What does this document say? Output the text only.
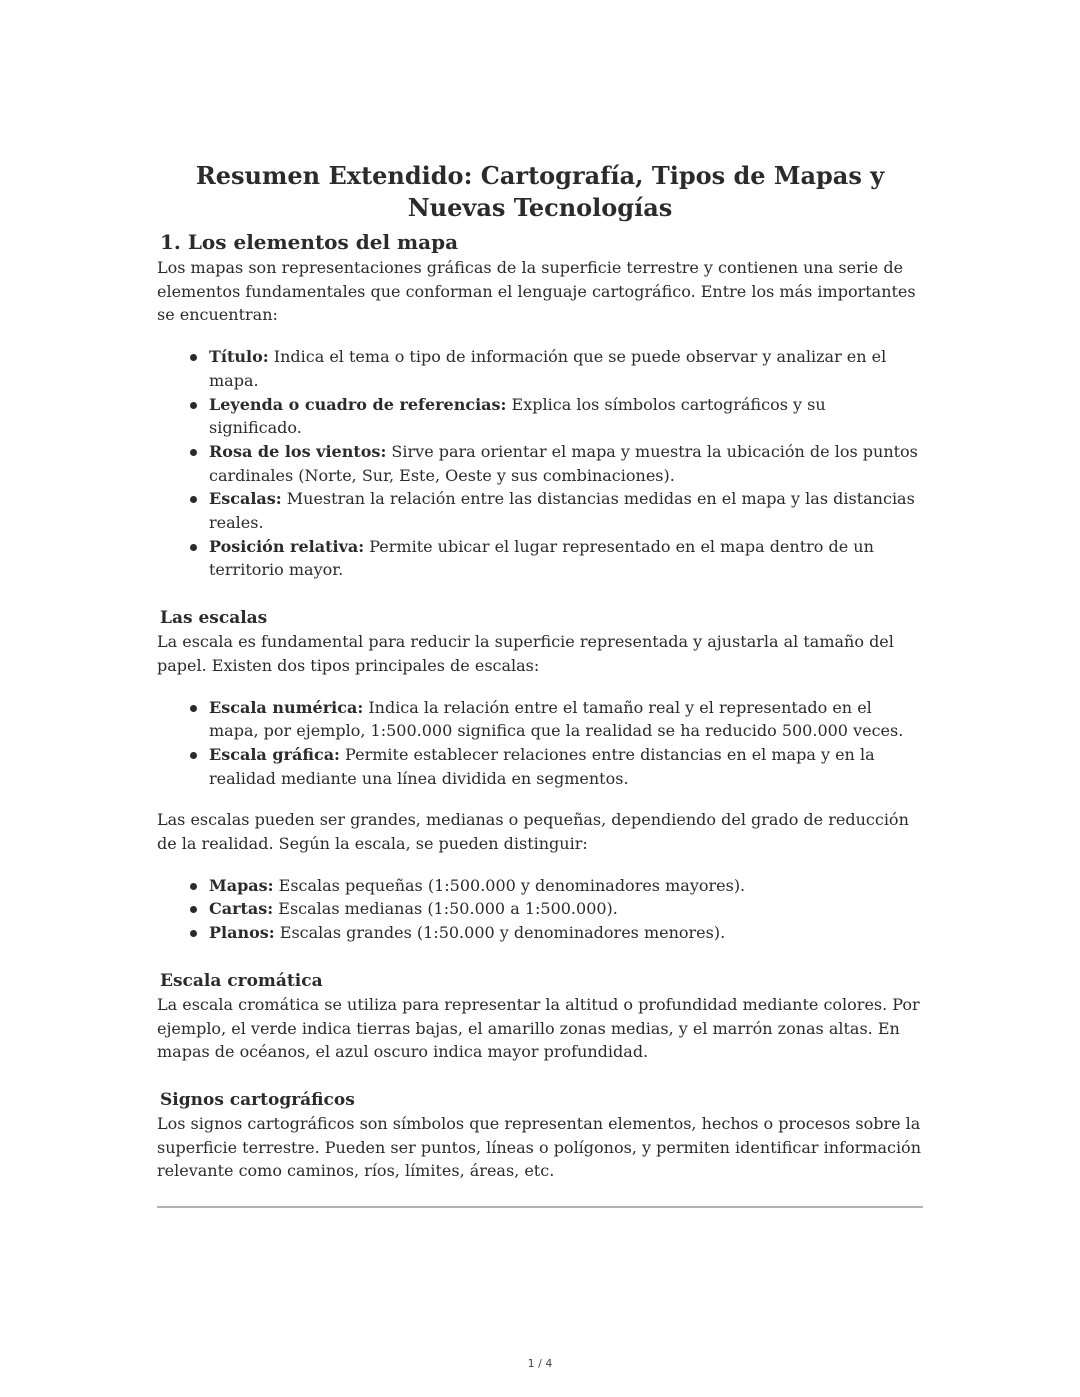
Resumen Extendido: Cartografía, Tipos de Mapas y Nuevas Tecnologías
1. Los elementos del mapa

Los mapas son representaciones gráficas de la superficie terrestre y contienen una serie de elementos fundamentales que conforman el lenguaje cartográfico. Entre los más importantes se encuentran:

Título: Indica el tema o tipo de información que se puede observar y analizar en el mapa.
Leyenda o cuadro de referencias: Explica los símbolos cartográficos y su significado.
Rosa de los vientos: Sirve para orientar el mapa y muestra la ubicación de los puntos cardinales (Norte, Sur, Este, Oeste y sus combinaciones).
Escalas: Muestran la relación entre las distancias medidas en el mapa y las distancias reales.
Posición relativa: Permite ubicar el lugar representado en el mapa dentro de un territorio mayor.
Las escalas

La escala es fundamental para reducir la superficie representada y ajustarla al tamaño del papel. Existen dos tipos principales de escalas:

Escala numérica: Indica la relación entre el tamaño real y el representado en el mapa, por ejemplo, 1:500.000 significa que la realidad se ha reducido 500.000 veces.
Escala gráfica: Permite establecer relaciones entre distancias en el mapa y en la realidad mediante una línea dividida en segmentos.

Las escalas pueden ser grandes, medianas o pequeñas, dependiendo del grado de reducción de la realidad. Según la escala, se pueden distinguir:

Mapas: Escalas pequeñas (1:500.000 y denominadores mayores).
Cartas: Escalas medianas (1:50.000 a 1:500.000).
Planos: Escalas grandes (1:50.000 y denominadores menores).
Escala cromática

La escala cromática se utiliza para representar la altitud o profundidad mediante colores. Por ejemplo, el verde indica tierras bajas, el amarillo zonas medias, y el marrón zonas altas. En mapas de océanos, el azul oscuro indica mayor profundidad.

Signos cartográficos

Los signos cartográficos son símbolos que representan elementos, hechos o procesos sobre la superficie terrestre. Pueden ser puntos, líneas o polígonos, y permiten identificar información relevante como caminos, ríos, límites, áreas, etc.

1 / 4
